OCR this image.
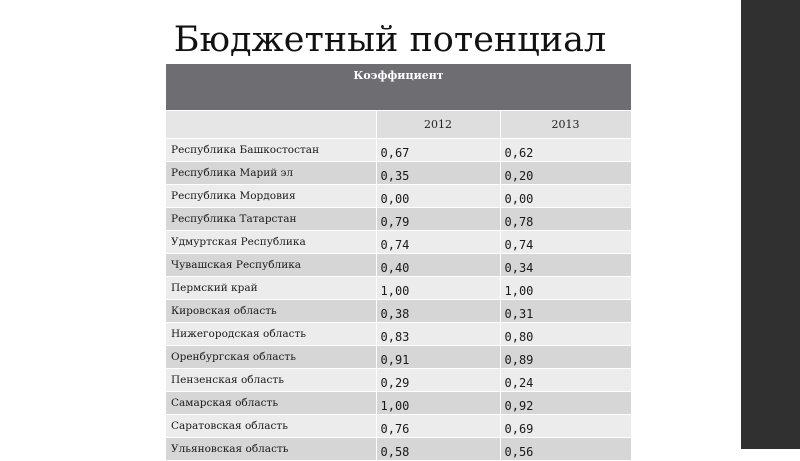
Бюджетный потенциал
Коэффициент		
	2012	2013
Республика Башкостостан	0,67	0,62
Республика Марий эл	0,35	0,20
Республика Мордовия	0,00	0,00
Республика Татарстан	0,79	0,78
Удмуртская Республика	0,74	0,74
Чувашская Республика	0,40	0,34
Пермский край	1,00	1,00
Кировская область	0,38	0,31
Нижегородская область	0,83	0,80
Оренбургская область	0,91	0,89
Пензенская область	0,29	0,24
Самарская область	1,00	0,92
Саратовская область	0,76	0,69
Ульяновская область	0,58	0,56
